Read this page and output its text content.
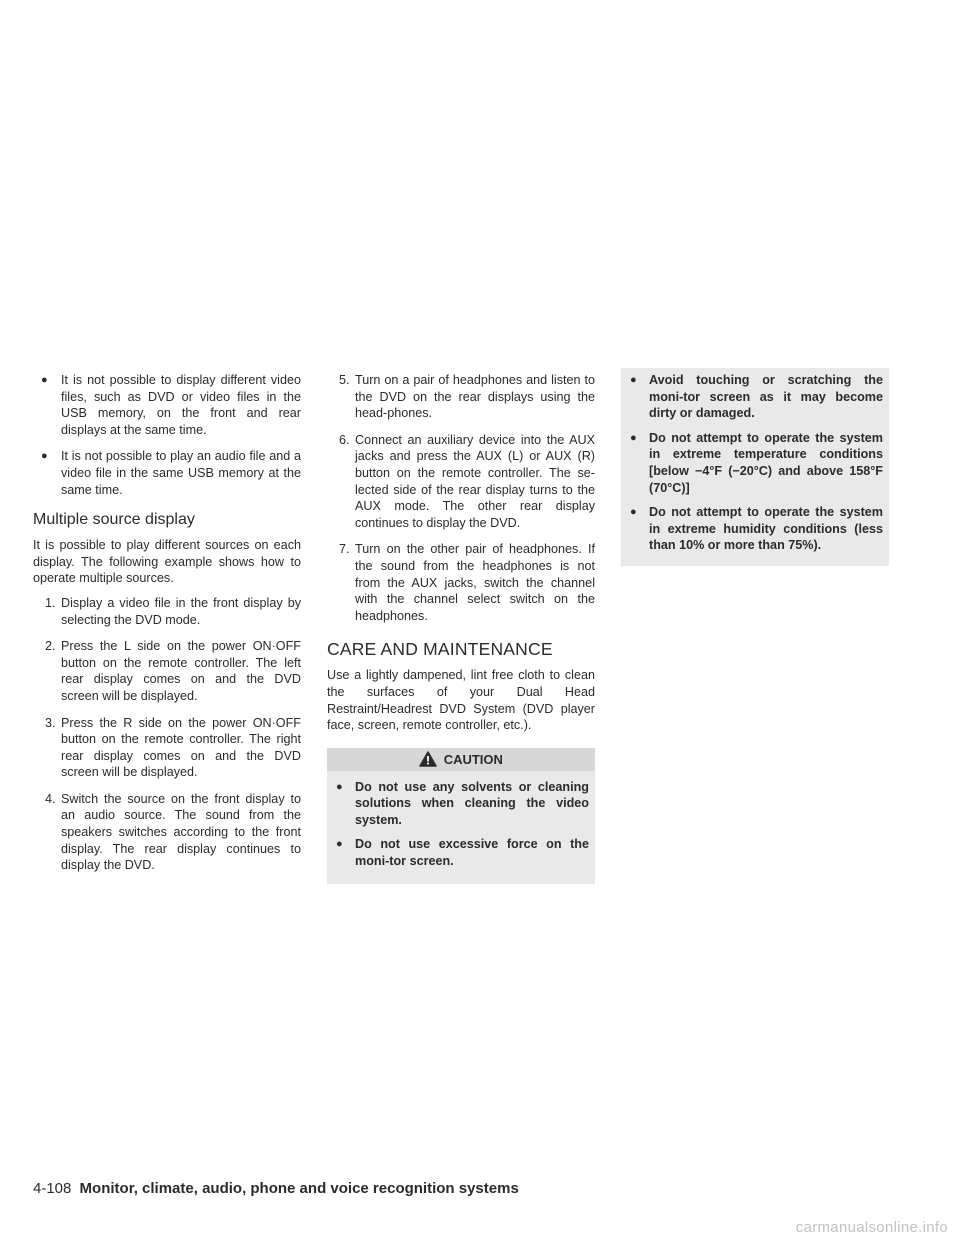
● It is not possible to display different video files, such as DVD or video files in the USB memory, on the front and rear displays at the same time.
● It is not possible to play an audio file and a video file in the same USB memory at the same time.
Multiple source display

It is possible to play different sources on each display. The following example shows how to operate multiple sources.

1. Display a video file in the front display by selecting the DVD mode.
2. Press the L side on the power ON·OFF button on the remote controller. The left rear display comes on and the DVD screen will be displayed.
3. Press the R side on the power ON·OFF button on the remote controller. The right rear display comes on and the DVD screen will be displayed.
4. Switch the source on the front display to an audio source. The sound from the speakers switches according to the front display. The rear display continues to display the DVD.
5. Turn on a pair of headphones and listen to the DVD on the rear displays using the head-phones.
6. Connect an auxiliary device into the AUX jacks and press the AUX (L) or AUX (R) button on the remote controller. The se-lected side of the rear display turns to the AUX mode. The other rear display continues to display the DVD.
7. Turn on the other pair of headphones. If the sound from the headphones is not from the AUX jacks, switch the channel with the channel select switch on the headphones.
CARE AND MAINTENANCE

Use a lightly dampened, lint free cloth to clean the surfaces of your Dual Head Restraint/Headrest DVD System (DVD player face, screen, remote controller, etc.).

CAUTION
● Do not use any solvents or cleaning solutions when cleaning the video system.
● Do not use excessive force on the moni-tor screen.
● Avoid touching or scratching the moni-tor screen as it may become dirty or damaged.
● Do not attempt to operate the system in extreme temperature conditions [below −4°F (−20°C) and above 158°F (70°C)]
● Do not attempt to operate the system in extreme humidity conditions (less than 10% or more than 75%).
4-108 Monitor, climate, audio, phone and voice recognition systems
carmanualsonline.info
